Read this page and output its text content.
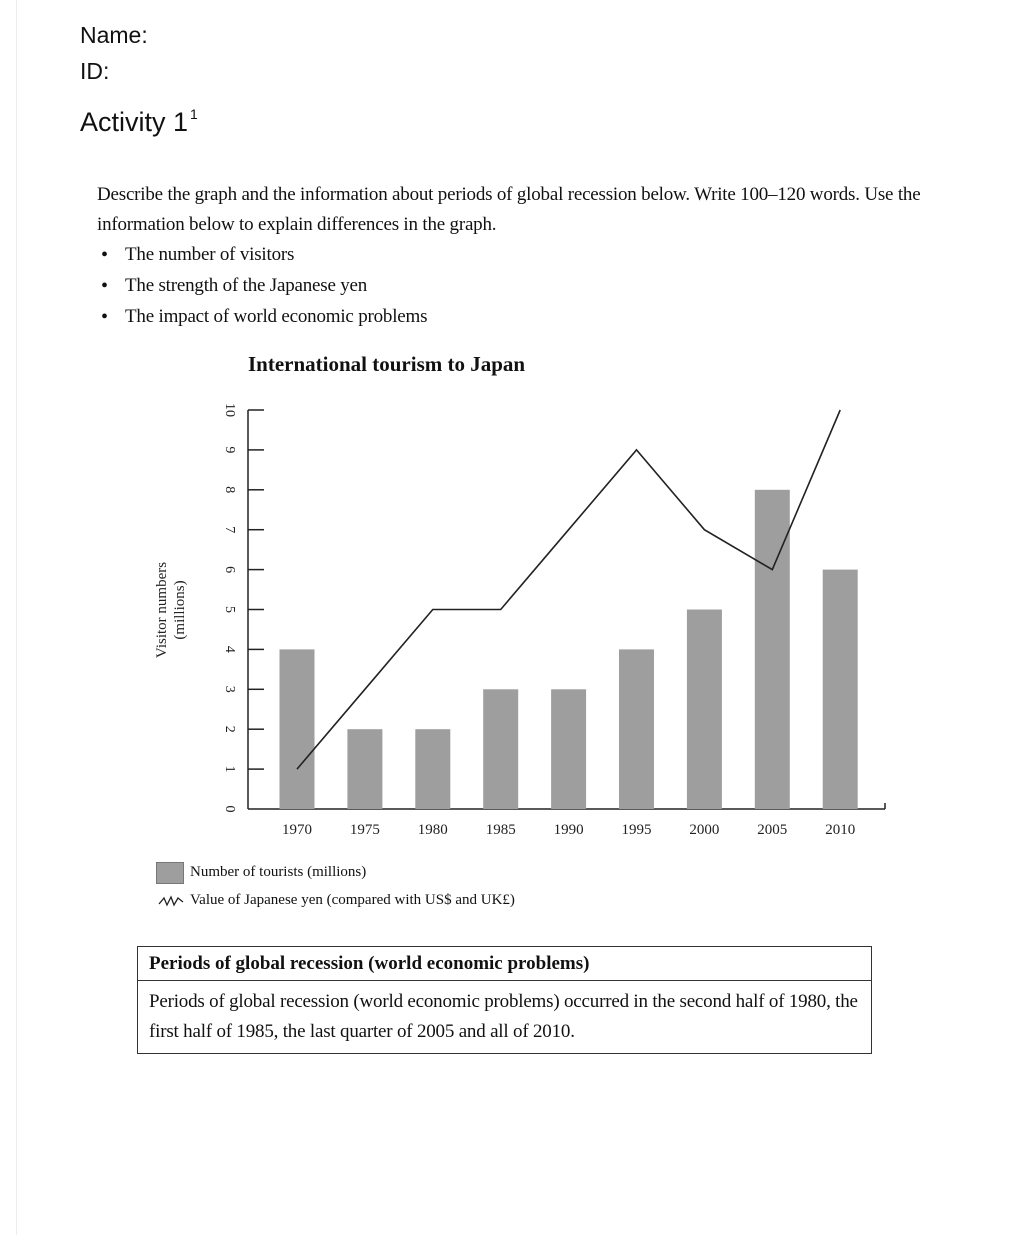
Name:
ID:
Activity 1 $^1$

Describe the graph and the information about periods of global recession below. Write 100–120 words. Use the information below to explain differences in the graph.

• The number of visitors
• The strength of the Japanese yen
• The impact of world economic problems
International tourism to Japan
0
1
2
3
4
5
6
7
8
9
10
Visitor numbers (millions)
1970	1975	1980	1985	1990	1995	2000	2005	2010
Number of tourists (millions)
Value of Japanese yen (compared with US$ and UK£)
Periods of global recession (world economic problems)
Periods of global recession (world economic problems) occurred in the second half of 1980, the first half of 1985, the last quarter of 2005 and all of 2010.
